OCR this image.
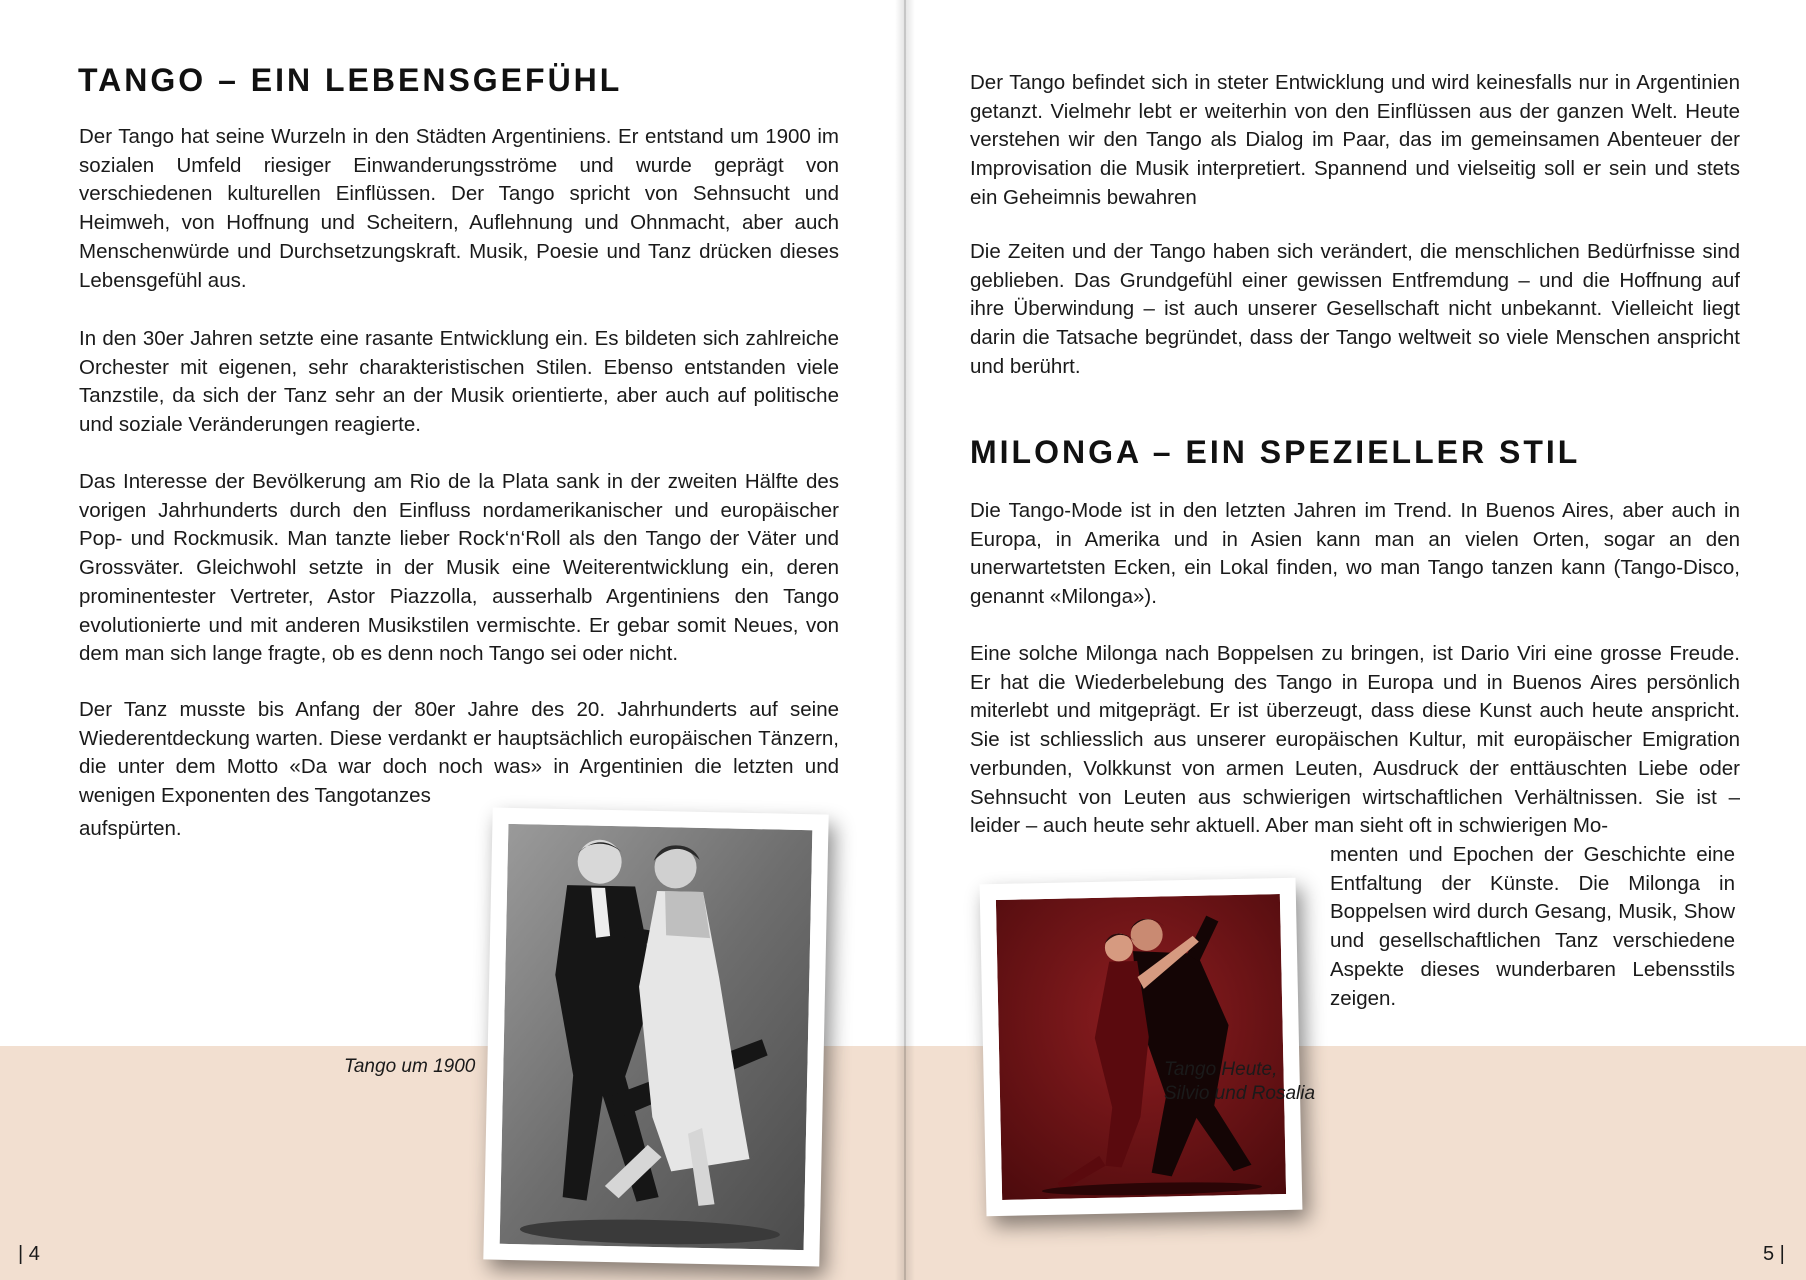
TANGO – EIN LEBENSGEFÜHL

Der Tango hat seine Wurzeln in den Städten Argentiniens. Er entstand um 1900 im sozialen Umfeld riesiger Einwanderungsströme und wurde geprägt von verschiedenen kulturellen Einflüssen. Der Tango spricht von Sehnsucht und Heimweh, von Hoffnung und Scheitern, Auflehnung und Ohnmacht, aber auch Menschenwürde und Durchsetzungskraft. Musik, Poesie und Tanz drücken dieses Lebensgefühl aus.

In den 30er Jahren setzte eine rasante Entwicklung ein. Es bildeten sich zahlreiche Orchester mit eigenen, sehr charakteristischen Stilen. Ebenso entstanden viele Tanzstile, da sich der Tanz sehr an der Musik orientierte, aber auch auf politische und soziale Veränderungen reagierte.

Das Interesse der Bevölkerung am Rio de la Plata sank in der zweiten Hälfte des vorigen Jahrhunderts durch den Einfluss nordamerikanischer und europäischer Pop- und Rockmusik. Man tanzte lieber Rock‘n‘Roll als den Tango der Väter und Grossväter. Gleichwohl setzte in der Musik eine Weiterentwicklung ein, deren prominentester Vertreter, Astor Piazzolla, ausserhalb Argentiniens den Tango evolutionierte und mit anderen Musikstilen vermischte. Er gebar somit Neues, von dem man sich lange fragte, ob es denn noch Tango sei oder nicht.

Der Tanz musste bis Anfang der 80er Jahre des 20. Jahrhunderts auf seine Wiederentdeckung warten. Diese verdankt er hauptsächlich europäischen Tänzern, die unter dem Motto «Da war doch noch was» in Argentinien die letzten und wenigen Exponenten des Tangotanzes

aufspürten.

Tango um 1900
| 4

Der Tango befindet sich in steter Entwicklung und wird keinesfalls nur in Argentinien getanzt. Vielmehr lebt er weiterhin von den Einflüssen aus der ganzen Welt. Heute verstehen wir den Tango als Dialog im Paar, das im gemeinsamen Abenteuer der Improvisation die Musik interpretiert. Spannend und vielseitig soll er sein und stets ein Geheimnis bewahren

Die Zeiten und der Tango haben sich verändert, die menschlichen Bedürfnisse sind geblieben. Das Grundgefühl einer gewissen Entfremdung – und die Hoffnung auf ihre Überwindung – ist auch unserer Gesellschaft nicht unbekannt. Vielleicht liegt darin die Tatsache begründet, dass der Tango weltweit so viele Menschen anspricht und berührt.

MILONGA – EIN SPEZIELLER STIL

Die Tango-Mode ist in den letzten Jahren im Trend. In Buenos Aires, aber auch in Europa, in Amerika und in Asien kann man an vielen Orten, sogar an den unerwartetsten Ecken, ein Lokal finden, wo man Tango tanzen kann (Tango-Disco, genannt «Milonga»).

Eine solche Milonga nach Boppelsen zu bringen, ist Dario Viri eine grosse Freude. Er hat die Wiederbelebung des Tango in Europa und in Buenos Aires persönlich miterlebt und mitgeprägt. Er ist überzeugt, dass diese Kunst auch heute anspricht. Sie ist schliesslich aus unserer europäischen Kultur, mit europäischer Emigration verbunden, Volkkunst von armen Leuten, Ausdruck der enttäuschten Liebe oder Sehnsucht von Leuten aus schwierigen wirtschaftlichen Verhältnissen. Sie ist – leider – auch heute sehr aktuell. Aber man sieht oft in schwierigen Mo-

menten und Epochen der Geschichte eine Entfaltung der Künste. Die Milonga in Boppelsen wird durch Gesang, Musik, Show und gesellschaftlichen Tanz verschiedene Aspekte dieses wunderbaren Lebensstils zeigen.

Tango Heute,
Silvio und Rosalia
5 |
